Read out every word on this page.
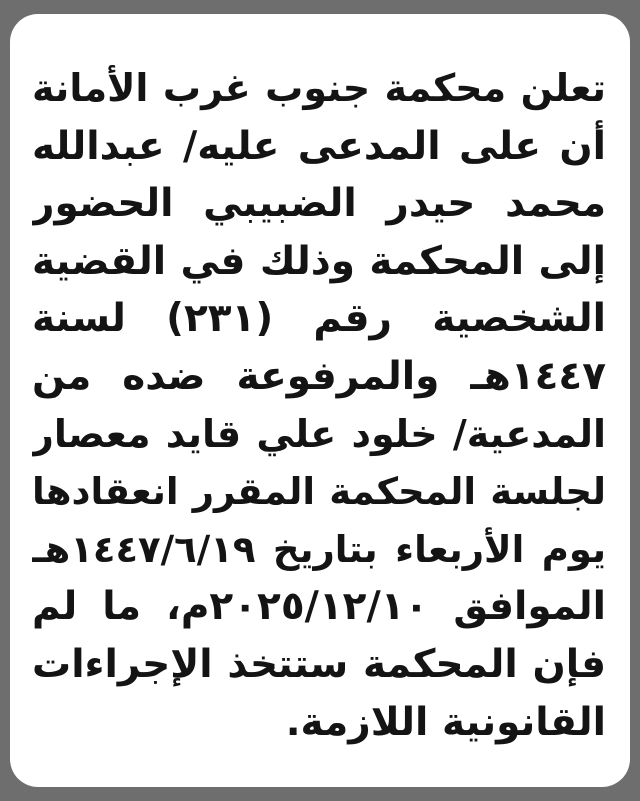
تعلن محكمة جنوب غرب الأمانة
أن على المدعى عليه/ عبدالله
محمد حيدر الضبيبي الحضور
إلى المحكمة وذلك في القضية
الشخصية رقم (٢٣١) لسنة
١٤٤٧هـ والمرفوعة ضده من
المدعية/ خلود علي قايد معصار
لجلسة المحكمة المقرر انعقادها
يوم الأربعاء بتاريخ ١٤٤٧/٦/١٩هـ
الموافق ٢٠٢٥/١٢/١٠م، ما لم
فإن المحكمة ستتخذ الإجراءات
القانونية اللازمة.
